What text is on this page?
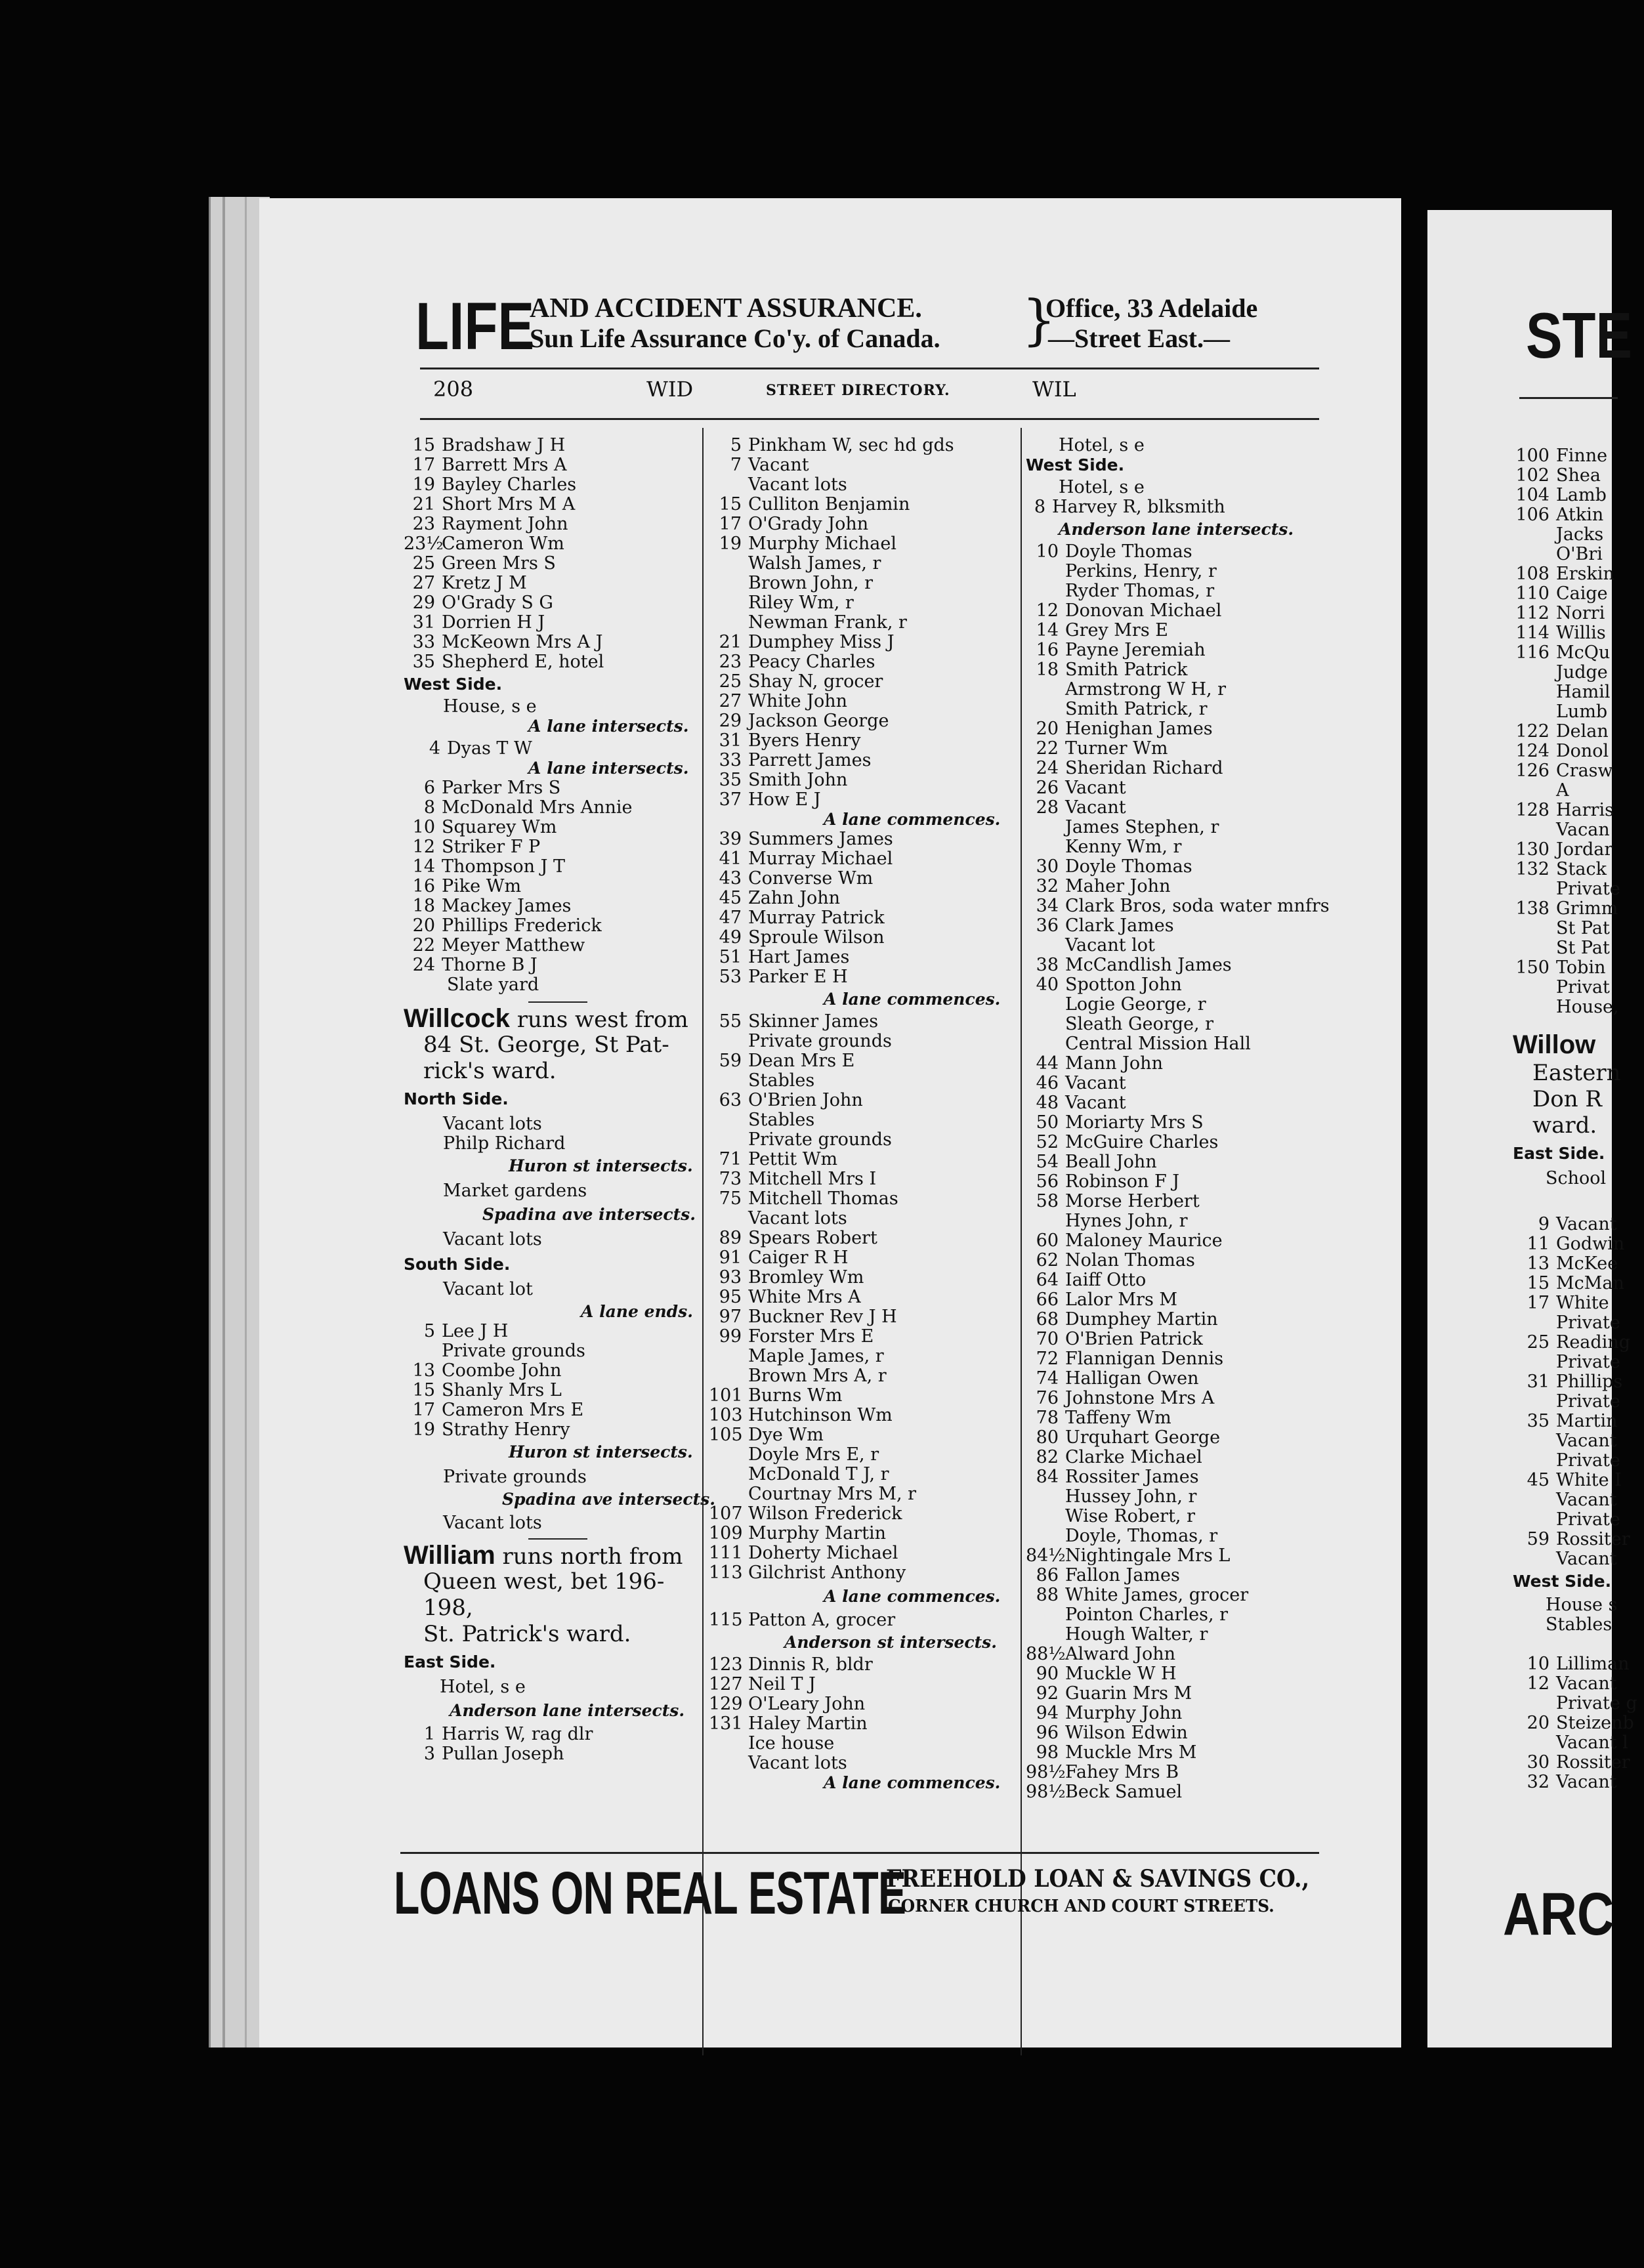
LIFE
AND ACCIDENT ASSURANCE.
Sun Life Assurance Co'y. of Canada. }
Office, 33 Adelaide
—Street East.—
208	WID	STREET DIRECTORY.	WIL
15 Bradshaw J H
17 Barrett Mrs A
19 Bayley Charles
21 Short Mrs M A
23 Rayment John
23½Cameron Wm
25 Green Mrs S
27 Kretz J M
29 O'Grady S G
31 Dorrien H J
33 McKeown Mrs A J
35 Shepherd E, hotel
West Side.
House, s e
A lane intersects.
4 Dyas T W
A lane intersects.
6 Parker Mrs S
8 McDonald Mrs Annie
10 Squarey Wm
12 Striker F P
14 Thompson J T
16 Pike Wm
18 Mackey James
20 Phillips Frederick
22 Meyer Matthew
24 Thorne B J
Slate yard
Willcock runs west from
84 St. George, St Pat-
rick's ward.
North Side.
Vacant lots
Philp Richard
Huron st intersects.
Market gardens
Spadina ave intersects.
Vacant lots
South Side.
Vacant lot
A lane ends.
5 Lee J H
Private grounds
13 Coombe John
15 Shanly Mrs L
17 Cameron Mrs E
19 Strathy Henry
Huron st intersects.
Private grounds
Spadina ave intersects.
Vacant lots
William runs north from
Queen west, bet 196-198,
St. Patrick's ward.
East Side.
Hotel, s e
Anderson lane intersects.
1 Harris W, rag dlr
3 Pullan Joseph
5 Pinkham W, sec hd gds
7 Vacant
Vacant lots
15 Culliton Benjamin
17 O'Grady John
19 Murphy Michael
Walsh James, r
Brown John, r
Riley Wm, r
Newman Frank, r
21 Dumphey Miss J
23 Peacy Charles
25 Shay N, grocer
27 White John
29 Jackson George
31 Byers Henry
33 Parrett James
35 Smith John
37 How E J
A lane commences.
39 Summers James
41 Murray Michael
43 Converse Wm
45 Zahn John
47 Murray Patrick
49 Sproule Wilson
51 Hart James
53 Parker E H
A lane commences.
55 Skinner James
Private grounds
59 Dean Mrs E
Stables
63 O'Brien John
Stables
Private grounds
71 Pettit Wm
73 Mitchell Mrs I
75 Mitchell Thomas
Vacant lots
89 Spears Robert
91 Caiger R H
93 Bromley Wm
95 White Mrs A
97 Buckner Rev J H
99 Forster Mrs E
Maple James, r
Brown Mrs A, r
101 Burns Wm
103 Hutchinson Wm
105 Dye Wm
Doyle Mrs E, r
McDonald T J, r
Courtnay Mrs M, r
107 Wilson Frederick
109 Murphy Martin
111 Doherty Michael
113 Gilchrist Anthony
A lane commences.
115 Patton A, grocer
Anderson st intersects.
123 Dinnis R, bldr
127 Neil T J
129 O'Leary John
131 Haley Martin
Ice house
Vacant lots
A lane commences.
Hotel, s e
West Side.
Hotel, s e
8 Harvey R, blksmith
Anderson lane intersects.
10 Doyle Thomas
Perkins, Henry, r
Ryder Thomas, r
12 Donovan Michael
14 Grey Mrs E
16 Payne Jeremiah
18 Smith Patrick
Armstrong W H, r
Smith Patrick, r
20 Henighan James
22 Turner Wm
24 Sheridan Richard
26 Vacant
28 Vacant
James Stephen, r
Kenny Wm, r
30 Doyle Thomas
32 Maher John
34 Clark Bros, soda water mnfrs
36 Clark James
Vacant lot
38 McCandlish James
40 Spotton John
Logie George, r
Sleath George, r
Central Mission Hall
44 Mann John
46 Vacant
48 Vacant
50 Moriarty Mrs S
52 McGuire Charles
54 Beall John
56 Robinson F J
58 Morse Herbert
Hynes John, r
60 Maloney Maurice
62 Nolan Thomas
64 Iaiff Otto
66 Lalor Mrs M
68 Dumphey Martin
70 O'Brien Patrick
72 Flannigan Dennis
74 Halligan Owen
76 Johnstone Mrs A
78 Taffeny Wm
80 Urquhart George
82 Clarke Michael
84 Rossiter James
Hussey John, r
Wise Robert, r
Doyle, Thomas, r
84½Nightingale Mrs L
86 Fallon James
88 White James, grocer
Pointon Charles, r
Hough Walter, r
88½Alward John
90 Muckle W H
92 Guarin Mrs M
94 Murphy John
96 Wilson Edwin
98 Muckle Mrs M
98½Fahey Mrs B
98½Beck Samuel
LOANS ON REAL ESTATE
FREEHOLD LOAN & SAVINGS CO.,
CORNER CHURCH AND COURT STREETS.
STE
100 Finne
102 Shea
104 Lamb
106 Atkin
Jacks
O'Bri
108 Erskin
110 Caige
112 Norri
114 Willis
116 McQu
Judge
Hamil
Lumb
122 Delan
124 Donol
126 Crasw
A
128 Harris
Vacan
130 Jordar
132 Stack
Private
138 Grimm
St Pat
St Pat
150 Tobin
Privat
House,
Willow
Eastern
Don R
ward.
East Side.
School
9 Vacant
11 Godwin
13 McKee
15 McMan
17 White
Private
25 Reading
Private
31 Phillips
Private
35 Martin
Vacant
Private
45 White I
Vacant
Private
59 Rossiter
Vacant
West Side.
House s
Stables
10 Lilliman
12 Vacant
Private g
20 Steizenb
Vacant l
30 Rossiter
32 Vacant
ARC
